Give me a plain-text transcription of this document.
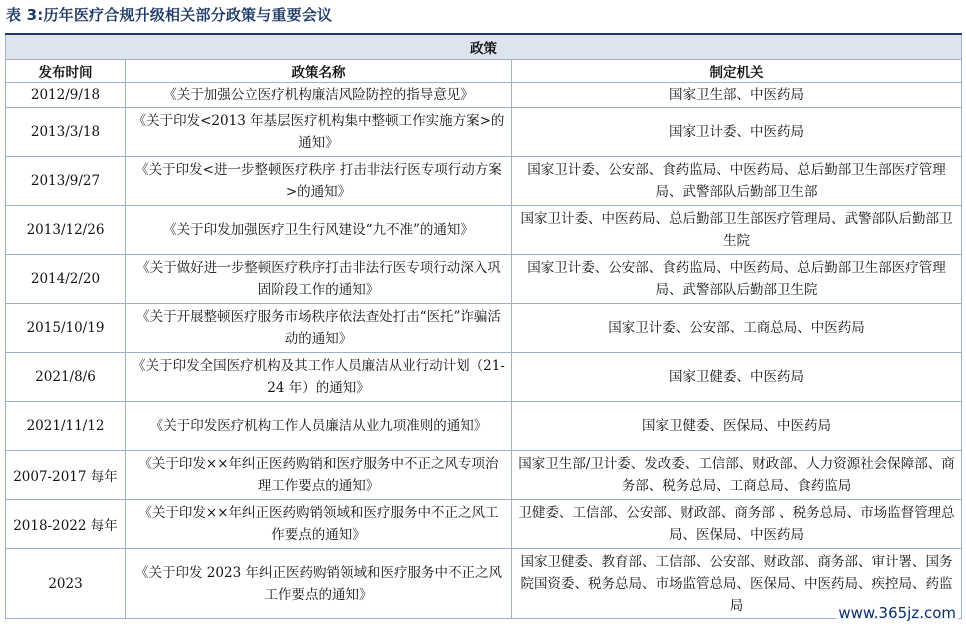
表 3:历年医疗合规升级相关部分政策与重要会议
政策		
发布时间	政策名称	制定机关
2012/9/18	《关于加强公立医疗机构廉洁风险防控的指导意见》	国家卫生部、中医药局
2013/3/18	《关于印发<2013 年基层医疗机构集中整顿工作实施方案>的通知》	国家卫计委、中医药局
2013/9/27	《关于印发<进一步整顿医疗秩序 打击非法行医专项行动方案>的通知》	国家卫计委、公安部、食药监局、中医药局、总后勤部卫生部医疗管理局、武警部队后勤部卫生部
2013/12/26	《关于印发加强医疗卫生行风建设“九不准”的通知》	国家卫计委、中医药局、总后勤部卫生部医疗管理局、武警部队后勤部卫生院
2014/2/20	《关于做好进一步整顿医疗秩序打击非法行医专项行动深入巩固阶段工作的通知》	国家卫计委、公安部、食药监局、中医药局、总后勤部卫生部医疗管理局、武警部队后勤部卫生院
2015/10/19	《关于开展整顿医疗服务市场秩序依法查处打击“医托”诈骗活动的通知》	国家卫计委、公安部、工商总局、中医药局
2021/8/6	《关于印发全国医疗机构及其工作人员廉洁从业行动计划（21-24 年）的通知》	国家卫健委、中医药局
2021/11/12	《关于印发医疗机构工作人员廉洁从业九项准则的通知》	国家卫健委、医保局、中医药局
2007-2017 每年	《关于印发××年纠正医药购销和医疗服务中不正之风专项治理工作要点的通知》	国家卫生部/卫计委、发改委、工信部、财政部、人力资源社会保障部、商务部、税务总局、工商总局、食药监局
2018-2022 每年	《关于印发××年纠正医药购销领域和医疗服务中不正之风工作要点的通知》	卫健委、工信部、公安部、财政部、商务部 、税务总局、市场监督管理总局、医保局、中医药局
2023	《关于印发 2023 年纠正医药购销领域和医疗服务中不正之风工作要点的通知》	国家卫健委、教育部、工信部、公安部、财政部、商务部、审计署、国务院国资委、税务总局、市场监管总局、医保局、中医药局、疾控局、药监局	www.365jz.com
